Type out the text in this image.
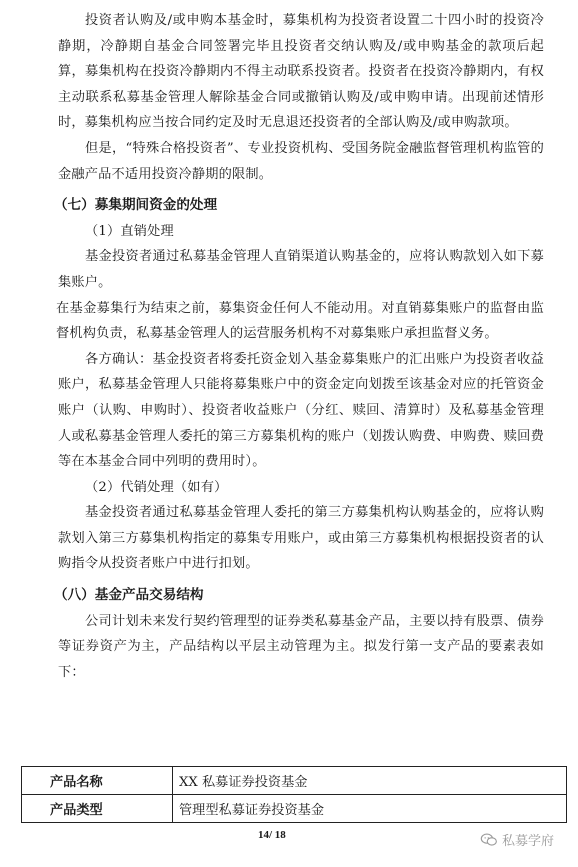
投资者认购及/或申购本基金时，募集机构为投资者设置二十四小时的投资冷静期，冷静期自基金合同签署完毕且投资者交纳认购及/或申购基金的款项后起算，募集机构在投资冷静期内不得主动联系投资者。投资者在投资冷静期内，有权主动联系私募基金管理人解除基金合同或撤销认购及/或申购申请。出现前述情形时，募集机构应当按合同约定及时无息退还投资者的全部认购及/或申购款项。

但是，“特殊合格投资者”、专业投资机构、受国务院金融监督管理机构监管的金融产品不适用投资冷静期的限制。

（七）募集期间资金的处理

（1）直销处理

基金投资者通过私募基金管理人直销渠道认购基金的，应将认购款划入如下募集账户。

在基金募集行为结束之前，募集资金任何人不能动用。对直销募集账户的监督由监督机构负责，私募基金管理人的运营服务机构不对募集账户承担监督义务。

各方确认：基金投资者将委托资金划入基金募集账户的汇出账户为投资者收益账户，私募基金管理人只能将募集账户中的资金定向划拨至该基金对应的托管资金账户（认购、申购时）、投资者收益账户（分红、赎回、清算时）及私募基金管理人或私募基金管理人委托的第三方募集机构的账户（划拨认购费、申购费、赎回费等在本基金合同中列明的费用时）。

（2）代销处理（如有）

基金投资者通过私募基金管理人委托的第三方募集机构认购基金的，应将认购款划入第三方募集机构指定的募集专用账户，或由第三方募集机构根据投资者的认购指令从投资者账户中进行扣划。

（八）基金产品交易结构

公司计划未来发行契约管理型的证券类私募基金产品，主要以持有股票、债券等证券资产为主，产品结构以平层主动管理为主。拟发行第一支产品的要素表如下：

产品名称	XX 私募证券投资基金
产品类型	管理型私募证券投资基金
14/ 18	私募学府
